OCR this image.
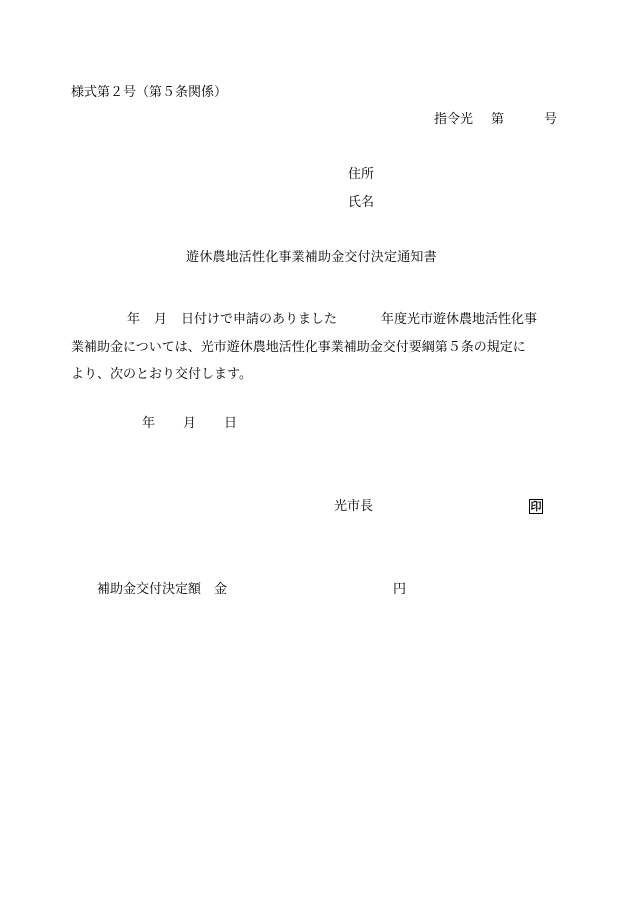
様式第２号（第５条関係）
指令光 第	号
住所
氏名
遊休農地活性化事業補助金交付決定通知書
年 月 日付けで申請のありました	年度光市遊休農地活性化事
業補助金については、光市遊休農地活性化事業補助金交付要綱第５条の規定に
より、次のとおり交付します。
年 月 日
光市長	印
補助金交付決定額 金	円
